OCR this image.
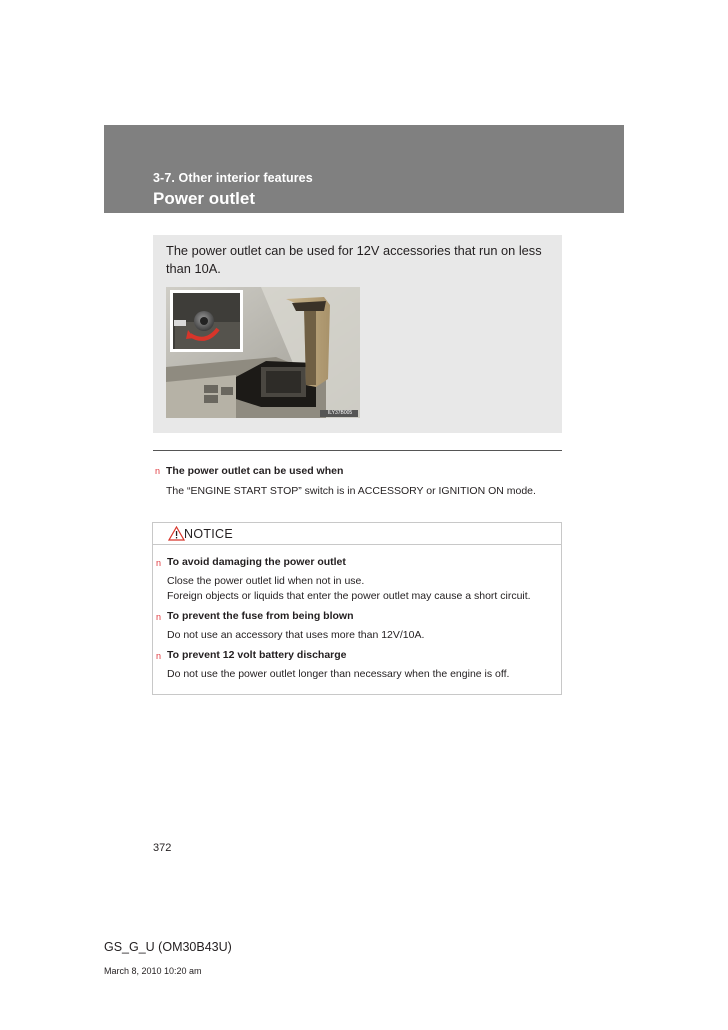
3-7. Other interior features
Power outlet
The power outlet can be used for 12V accessories that run on less than 10A.
ILY37B005
n The power outlet can be used when
The “ENGINE START STOP” switch is in ACCESSORY or IGNITION ON mode.
NOTICE
n To avoid damaging the power outlet
Close the power outlet lid when not in use.
Foreign objects or liquids that enter the power outlet may cause a short circuit.
n To prevent the fuse from being blown
Do not use an accessory that uses more than 12V/10A.
n To prevent 12 volt battery discharge
Do not use the power outlet longer than necessary when the engine is off.
372
GS_G_U (OM30B43U)
March 8, 2010 10:20 am
